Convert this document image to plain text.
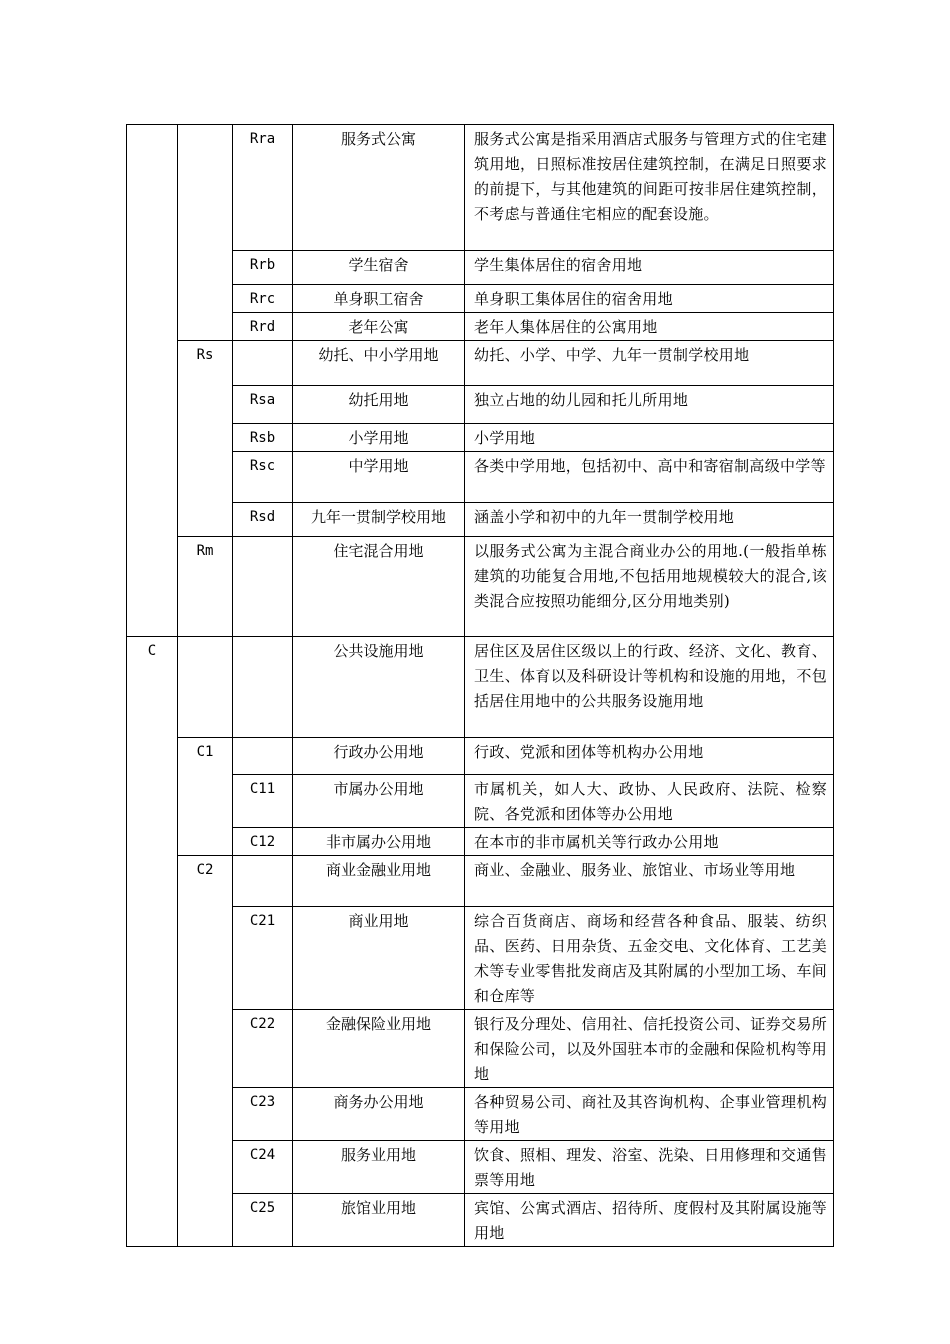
		Rra	服务式公寓	服务式公寓是指采用酒店式服务与管理方式的住宅建筑用地，日照标准按居住建筑控制，在满足日照要求的前提下，与其他建筑的间距可按非居住建筑控制，不考虑与普通住宅相应的配套设施。
		Rrb	学生宿舍	学生集体居住的宿舍用地
		Rrc	单身职工宿舍	单身职工集体居住的宿舍用地
		Rrd	老年公寓	老年人集体居住的公寓用地
	Rs		幼托、中小学用地	幼托、小学、中学、九年一贯制学校用地
		Rsa	幼托用地	独立占地的幼儿园和托儿所用地
		Rsb	小学用地	小学用地
		Rsc	中学用地	各类中学用地，包括初中、高中和寄宿制高级中学等
		Rsd	九年一贯制学校用地	涵盖小学和初中的九年一贯制学校用地
	Rm		住宅混合用地	以服务式公寓为主混合商业办公的用地.(一般指单栋建筑的功能复合用地,不包括用地规模较大的混合,该类混合应按照功能细分,区分用地类别)
C			公共设施用地	居住区及居住区级以上的行政、经济、文化、教育、卫生、体育以及科研设计等机构和设施的用地，不包括居住用地中的公共服务设施用地
	C1		行政办公用地	行政、党派和团体等机构办公用地
		C11	市属办公用地	市属机关，如人大、政协、人民政府、法院、检察院、各党派和团体等办公用地
		C12	非市属办公用地	在本市的非市属机关等行政办公用地
	C2		商业金融业用地	商业、金融业、服务业、旅馆业、市场业等用地
		C21	商业用地	综合百货商店、商场和经营各种食品、服装、纺织品、医药、日用杂货、五金交电、文化体育、工艺美术等专业零售批发商店及其附属的小型加工场、车间和仓库等
		C22	金融保险业用地	银行及分理处、信用社、信托投资公司、证券交易所和保险公司，以及外国驻本市的金融和保险机构等用地
		C23	商务办公用地	各种贸易公司、商社及其咨询机构、企事业管理机构等用地
		C24	服务业用地	饮食、照相、理发、浴室、洗染、日用修理和交通售票等用地
		C25	旅馆业用地	宾馆、公寓式酒店、招待所、度假村及其附属设施等用地
